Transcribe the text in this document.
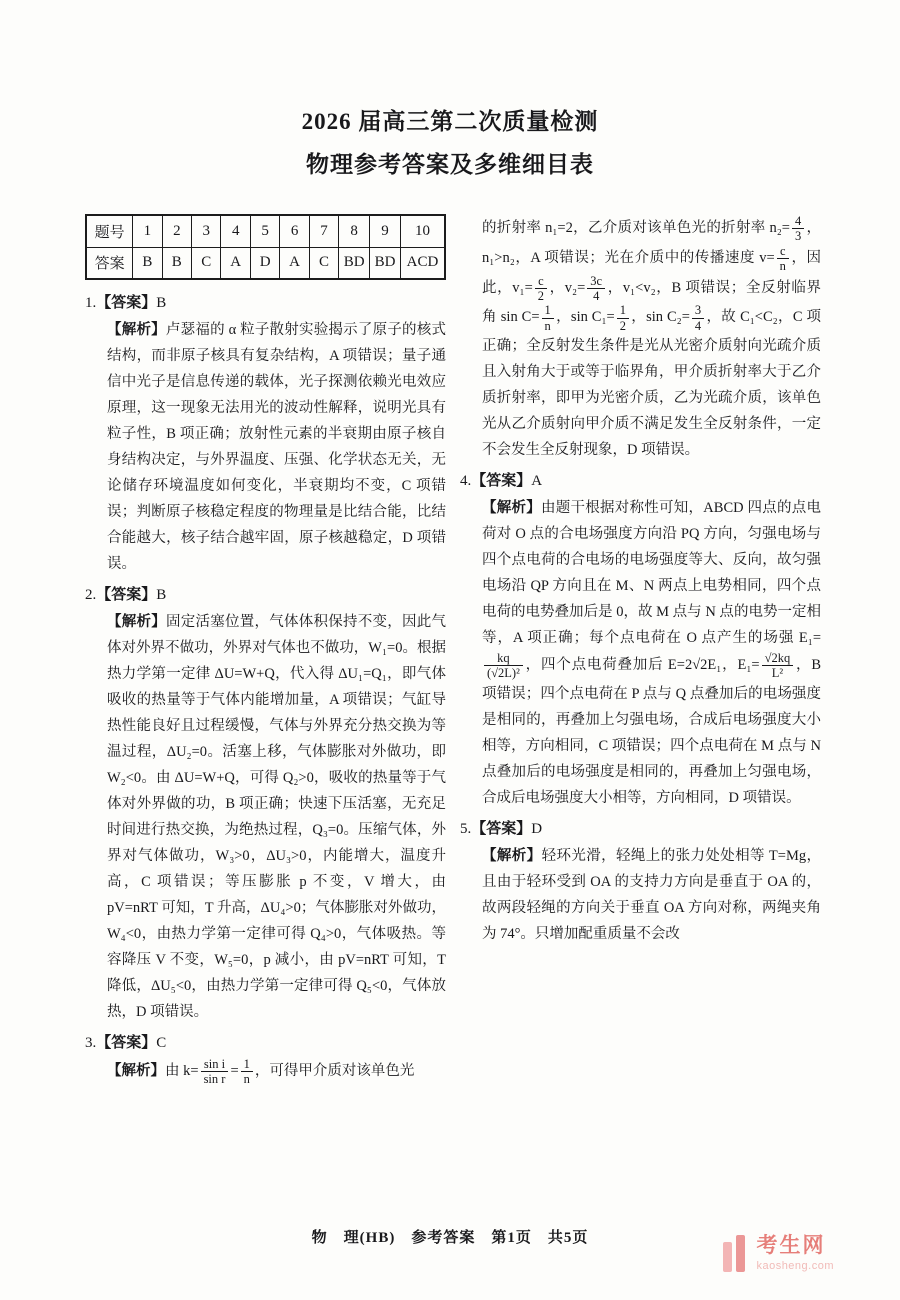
2026 届高三第二次质量检测
物理参考答案及多维细目表
题号	1	2	3	4	5	6	7	8	9	10
答案	B	B	C	A	D	A	C	BD	BD	ACD
1.【答案】B
【解析】卢瑟福的 α 粒子散射实验揭示了原子的核式结构，而非原子核具有复杂结构，A 项错误；量子通信中光子是信息传递的载体，光子探测依赖光电效应原理，这一现象无法用光的波动性解释，说明光具有粒子性，B 项正确；放射性元素的半衰期由原子核自身结构决定，与外界温度、压强、化学状态无关，无论储存环境温度如何变化，半衰期均不变，C 项错误；判断原子核稳定程度的物理量是比结合能，比结合能越大，核子结合越牢固，原子核越稳定，D 项错误。
2.【答案】B
【解析】固定活塞位置，气体体积保持不变，因此气体对外界不做功，外界对气体也不做功，W₁=0。根据热力学第一定律 ΔU=W+Q，代入得 ΔU₁=Q₁，即气体吸收的热量等于气体内能增加量，A 项错误；气缸导热性能良好且过程缓慢，气体与外界充分热交换为等温过程，ΔU₂=0。活塞上移，气体膨胀对外做功，即 W₂<0。由 ΔU=W+Q，可得 Q₂>0，吸收的热量等于气体对外界做的功，B 项正确；快速下压活塞，无充足时间进行热交换，为绝热过程，Q₃=0。压缩气体，外界对气体做功，W₃>0，ΔU₃>0，内能增大，温度升高，C 项错误；等压膨胀 p 不变，V 增大，由 pV=nRT 可知，T 升高，ΔU₄>0；气体膨胀对外做功，W₄<0，由热力学第一定律可得 Q₄>0，气体吸热。等容降压 V 不变，W₅=0，p 减小，由 pV=nRT 可知，T 降低，ΔU₅<0，由热力学第一定律可得 Q₅<0，气体放热，D 项错误。
3.【答案】C
【解析】由 $k= \frac{\text{sin i}}{\text{sin r}} = \frac{1}{n}$ ，可得甲介质对该单色光
的折射率 n₁=2，乙介质对该单色光的折射率 $n_2= \frac{4}{3}$ ，n₁>n₂，A 项错误；光在介质中的传播速度 $v= \frac{c}{n}$ ，因此，$v_1= \frac{c}{2}$ ，$v_2= \frac{3c}{4}$ ，v₁<v₂，B 项错误；全反射临界角 $\sin C= \frac{1}{n}$ ，$\sin C_1= \frac{1}{2}$ ，$\sin C_2= \frac{3}{4}$ ，故 C₁<C₂，C 项正确；全反射发生条件是光从光密介质射向光疏介质且入射角大于或等于临界角，甲介质折射率大于乙介质折射率，即甲为光密介质，乙为光疏介质，该单色光从乙介质射向甲介质不满足发生全反射条件，一定不会发生全反射现象，D 项错误。
4.【答案】A
【解析】由题干根据对称性可知，ABCD 四点的点电荷对 O 点的合电场强度方向沿 PQ 方向，匀强电场与四个点电荷的合电场的电场强度等大、反向，故匀强电场沿 QP 方向且在 M、N 两点上电势相同，四个点电荷的电势叠加后是 0，故 M 点与 N 点的电势一定相等，A 项正确；每个点电荷在 O 点产生的场强 E₁=
$\frac{kq}{\text{(√2L)²}}$ ，四个点电荷叠加后 E=2√2E₁，$E_1= \frac{√2kq}{\text{L²}}$ ，B 项错误；四个点电荷在 P 点与 Q 点叠加后的电场强度是相同的，再叠加上匀强电场，合成后电场强度大小相等，方向相同，C 项错误；四个点电荷在 M 点与 N 点叠加后的电场强度是相同的，再叠加上匀强电场，合成后电场强度大小相等，方向相同，D 项错误。
5.【答案】D
【解析】轻环光滑，轻绳上的张力处处相等 T=Mg，且由于轻环受到 OA 的支持力方向是垂直于 OA 的，故两段轻绳的方向关于垂直 OA 方向对称，两绳夹角为 74°。只增加配重质量不会改
物　理(HB)　参考答案　第1页　共5页	考生网
kaosheng.com
